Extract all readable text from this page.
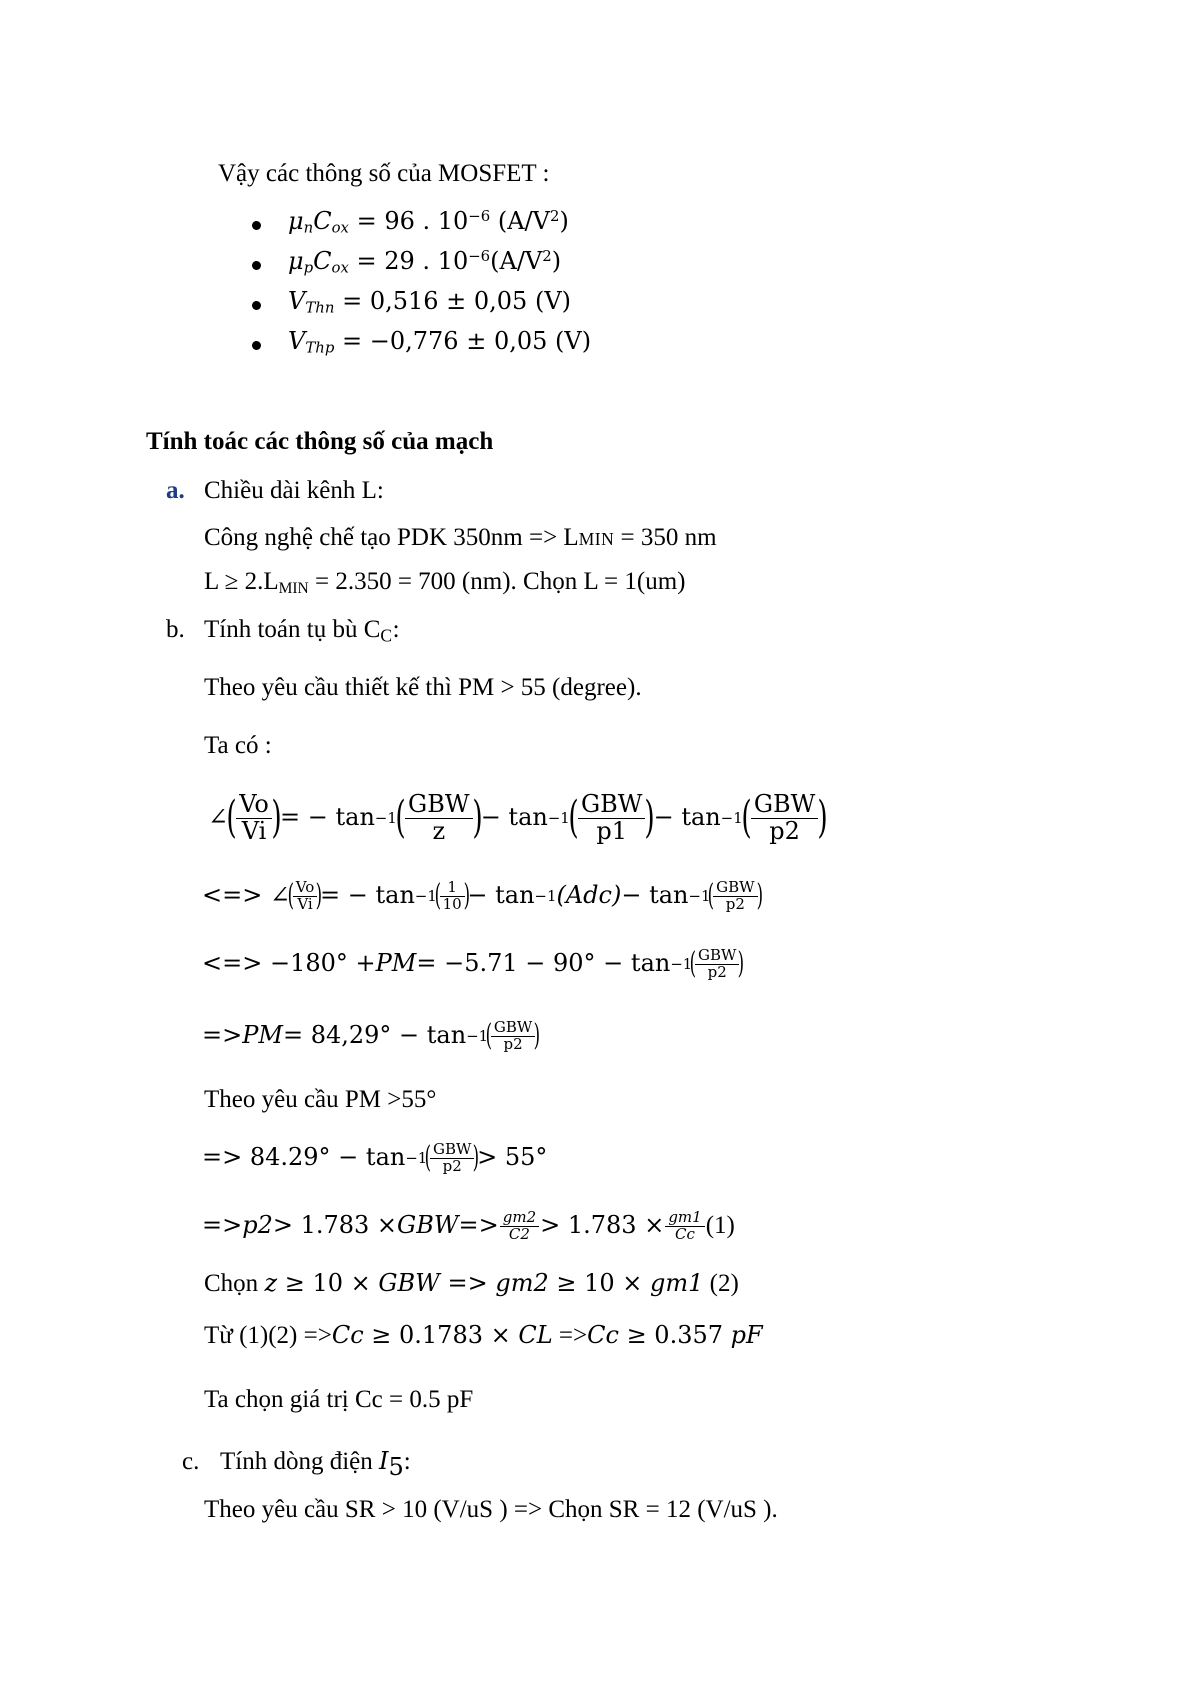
Vậy các thông số của MOSFET :
$\mu_nC_{ox} = 96$ . $10^{-6}$ $(A/V^2)$
$\mu_pC_{ox} = 29$ . $10^{-6}(A/V^2)$
$V_{Thn} = 0,516 \pm 0,05$ (V)
$V_{Thp} = -0,776 \pm 0,05$ (V)
Tính toác các thông số của mạch
a. Chiều dài kênh L:
Công nghệ chế tạo PDK 350nm => LMIN = 350 nm
$L \ge 2.L_{MIN} = 2.350 = 700$ (nm). Chọn L = 1(um)
b. Tính toán tụ bù $C_C$:
Theo yêu cầu thiết kế thì PM > 55 (degree).
Ta có :
∠
( $\frac{Vo}{Vi}$ )
= − tan −1
( $\frac{\text{GBW}}{z}$ )
− tan −1
( $\frac{\text{GBW}}{p1}$ )
− tan −1
( $\frac{\text{GBW}}{p2}$ )
<=> ∠
(
$\frac{Vo}{Vi}$
)
= − tan −1
(
$\frac{1}{10}$
)
− tan −1 (Adc) − tan −1
(
$\frac{\text{GBW}}{p2}$
)
<=> −180° + PM = −5.71 − 90° − tan −1
(
$\frac{\text{GBW}}{p2}$
)
=> PM = 84,29° − tan −1
(
$\frac{\text{GBW}}{p2}$
)
Theo yêu cầu PM >55°
=> 84.29° − tan −1
(
$\frac{\text{GBW}}{p2}$
)
> 55°
=> p2 > 1.783 × GBW => $\frac{gm2}{C2} > 1.783 \times \frac{gm1}{Cc} (1)$
Chọn z ≥ 10 × GBW => gm2 ≥ 10 × gm1 (2)
Từ (1)(2) =>Cc ≥ 0.1783 × CL =>Cc ≥ 0.357 pF
Ta chọn giá trị Cc = 0.5 pF
c. Tính dòng điện $I_5$:
Theo yêu cầu SR > 10 (V/uS ) => Chọn SR = 12 (V/uS ).
